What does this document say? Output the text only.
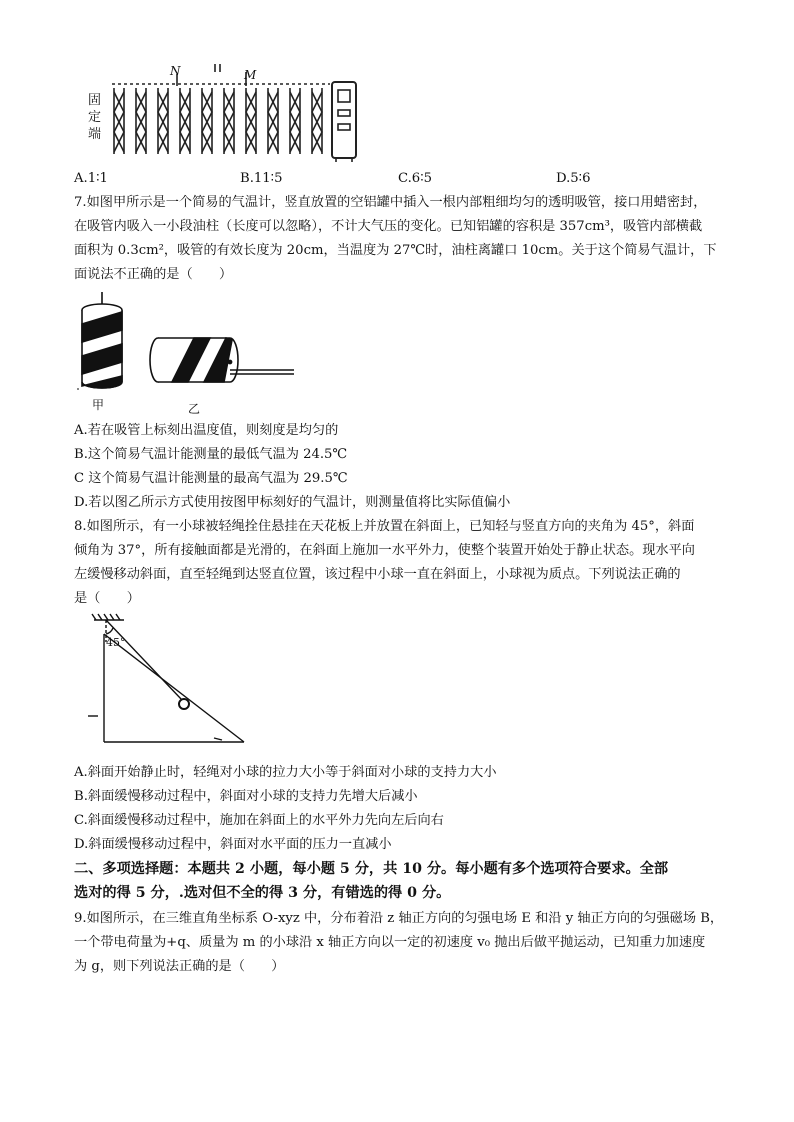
固
定
端
N	M
A.1∶1	B.11∶5	C.6∶5	D.5∶6
7.如图甲所示是一个简易的气温计，竖直放置的空铝罐中插入一根内部粗细均匀的透明吸管，接口用蜡密封，
在吸管内吸入一小段油柱（长度可以忽略），不计大气压的变化。已知铝罐的容积是 357cm³，吸管内部横截
面积为 0.3cm²，吸管的有效长度为 20cm，当温度为 27℃时，油柱离罐口 10cm。关于这个简易气温计，下
面说法不正确的是（　　）
甲	乙
A.若在吸管上标刻出温度值，则刻度是均匀的
B.这个简易气温计能测量的最低气温为 24.5℃
C 这个简易气温计能测量的最高气温为 29.5℃
D.若以图乙所示方式使用按图甲标刻好的气温计，则测量值将比实际值偏小
8.如图所示，有一小球被轻绳拴住悬挂在天花板上并放置在斜面上，已知轻与竖直方向的夹角为 45°，斜面
倾角为 37°，所有接触面都是光滑的，在斜面上施加一水平外力，使整个装置开始处于静止状态。现水平向
左缓慢移动斜面，直至轻绳到达竖直位置，该过程中小球一直在斜面上，小球视为质点。下列说法正确的
是（　　）
45°
A.斜面开始静止时，轻绳对小球的拉力大小等于斜面对小球的支持力大小
B.斜面缓慢移动过程中，斜面对小球的支持力先增大后减小
C.斜面缓慢移动过程中，施加在斜面上的水平外力先向左后向右
D.斜面缓慢移动过程中，斜面对水平面的压力一直减小
二、多项选择题：本题共 2 小题，每小题 5 分，共 10 分。每小题有多个选项符合要求。全部
选对的得 5 分，.选对但不全的得 3 分，有错选的得 0 分。
9.如图所示，在三维直角坐标系 O-xyz 中，分布着沿 z 轴正方向的匀强电场 E 和沿 y 轴正方向的匀强磁场 B，
一个带电荷量为+q、质量为 m 的小球沿 x 轴正方向以一定的初速度 v₀ 抛出后做平抛运动，已知重力加速度
为 g，则下列说法正确的是（　　）
